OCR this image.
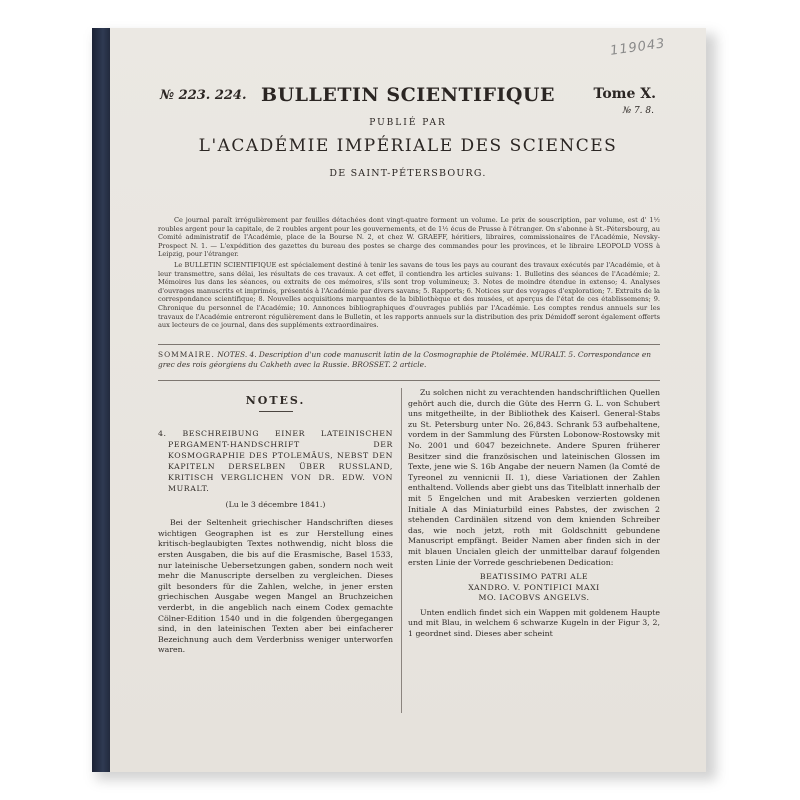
119043
№ 223. 224. BULLETIN SCIENTIFIQUE	Tome X.
№ 7. 8.
PUBLIÉ PAR
L'ACADÉMIE IMPÉRIALE DES SCIENCES
DE SAINT-PÉTERSBOURG.

Ce journal paraît irrégulièrement par feuilles détachées dont vingt-quatre forment un volume. Le prix de souscription, par volume, est d' 1½ roubles argent pour la capitale, de 2 roubles argent pour les gouvernements, et de 1½ écus de Prusse à l'étranger. On s'abonne à St.-Pétersbourg, au Comité administratif de l'Académie, place de la Bourse N. 2, et chez W. GRAEFF, héritiers, libraires, commissionaires de l'Académie, Nevsky-Prospect N. 1. — L'expédition des gazettes du bureau des postes se charge des commandes pour les provinces, et le libraire LEOPOLD VOSS à Leipzig, pour l'étranger.

Le BULLETIN SCIENTIFIQUE est spécialement destiné à tenir les savans de tous les pays au courant des travaux exécutés par l'Académie, et à leur transmettre, sans délai, les résultats de ces travaux. A cet effet, il contiendra les articles suivans: 1. Bulletins des séances de l'Académie; 2. Mémoires lus dans les séances, ou extraits de ces mémoires, s'ils sont trop volumineux; 3. Notes de moindre étendue in extenso; 4. Analyses d'ouvrages manuscrits et imprimés, présentés à l'Académie par divers savans; 5. Rapports; 6. Notices sur des voyages d'exploration; 7. Extraits de la correspondance scientifique; 8. Nouvelles acquisitions marquantes de la bibliothèque et des musées, et aperçus de l'état de ces établissemens; 9. Chronique du personnel de l'Académie; 10. Annonces bibliographiques d'ouvrages publiés par l'Académie. Les comptes rendus annuels sur les travaux de l'Académie entreront régulièrement dans le Bulletin, et les rapports annuels sur la distribution des prix Démidoff seront également offerts aux lecteurs de ce journal, dans des suppléments extraordinaires.

SOMMAIRE. NOTES. 4. Description d'un code manuscrit latin de la Cosmographie de Ptolémée. MURALT. 5. Correspondance en grec des rois géorgiens du Cakheth avec la Russie. BROSSET. 2 article.
NOTES.
4. BESCHREIBUNG EINER LATEINISCHEN PERGAMENT-HANDSCHRIFT DER KOSMOGRAPHIE DES PTOLEMÄUS, NEBST DEN KAPITELN DERSELBEN ÜBER RUSSLAND, KRITISCH VERGLICHEN VON DR. EDW. VON MURALT.

(Lu le 3 décembre 1841.)

Bei der Seltenheit griechischer Handschriften dieses wichtigen Geographen ist es zur Herstellung eines kritisch-beglaubigten Textes nothwendig, nicht bloss die ersten Ausgaben, die bis auf die Erasmische, Basel 1533, nur lateinische Uebersetzungen gaben, sondern noch weit mehr die Manuscripte derselben zu vergleichen. Dieses gilt besonders für die Zahlen, welche, in jener ersten griechischen Ausgabe wegen Mangel an Bruchzeichen verderbt, in die angeblich nach einem Codex gemachte Cölner-Edition 1540 und in die folgenden übergegangen sind, in den lateinischen Texten aber bei einfacherer Bezeichnung auch dem Verderbniss weniger unterworfen waren.

Zu solchen nicht zu verachtenden handschriftlichen Quellen gehört auch die, durch die Güte des Herrn G. L. von Schubert uns mitgetheilte, in der Bibliothek des Kaiserl. General-Stabs zu St. Petersburg unter No. 26,843. Schrank 53 aufbehaltene, vordem in der Sammlung des Fürsten Lobonow-Rostowsky mit No. 2001 und 6047 bezeichnete. Andere Spuren früherer Besitzer sind die französischen und lateinischen Glossen im Texte, jene wie S. 16b Angabe der neuern Namen (la Comté de Tyreonel zu vennicnii II. 1), diese Variationen der Zahlen enthaltend. Vollends aber giebt uns das Titelblatt innerhalb der mit 5 Engelchen und mit Arabesken verzierten goldenen Initiale A das Miniaturbild eines Pabstes, der zwischen 2 stehenden Cardinälen sitzend von dem knienden Schreiber das, wie noch jetzt, roth mit Goldschnitt gebundene Manuscript empfängt. Beider Namen aber finden sich in der mit blauen Uncialen gleich der unmittelbar darauf folgenden ersten Linie der Vorrede geschriebenen Dedication:

BEATISSIMO PATRI ALE

XANDRO. V. PONTIFICI MAXI

MO. IACOBVS ANGELVS.

Unten endlich findet sich ein Wappen mit goldenem Haupte und mit Blau, in welchem 6 schwarze Kugeln in der Figur 3, 2, 1 geordnet sind. Dieses aber scheint
